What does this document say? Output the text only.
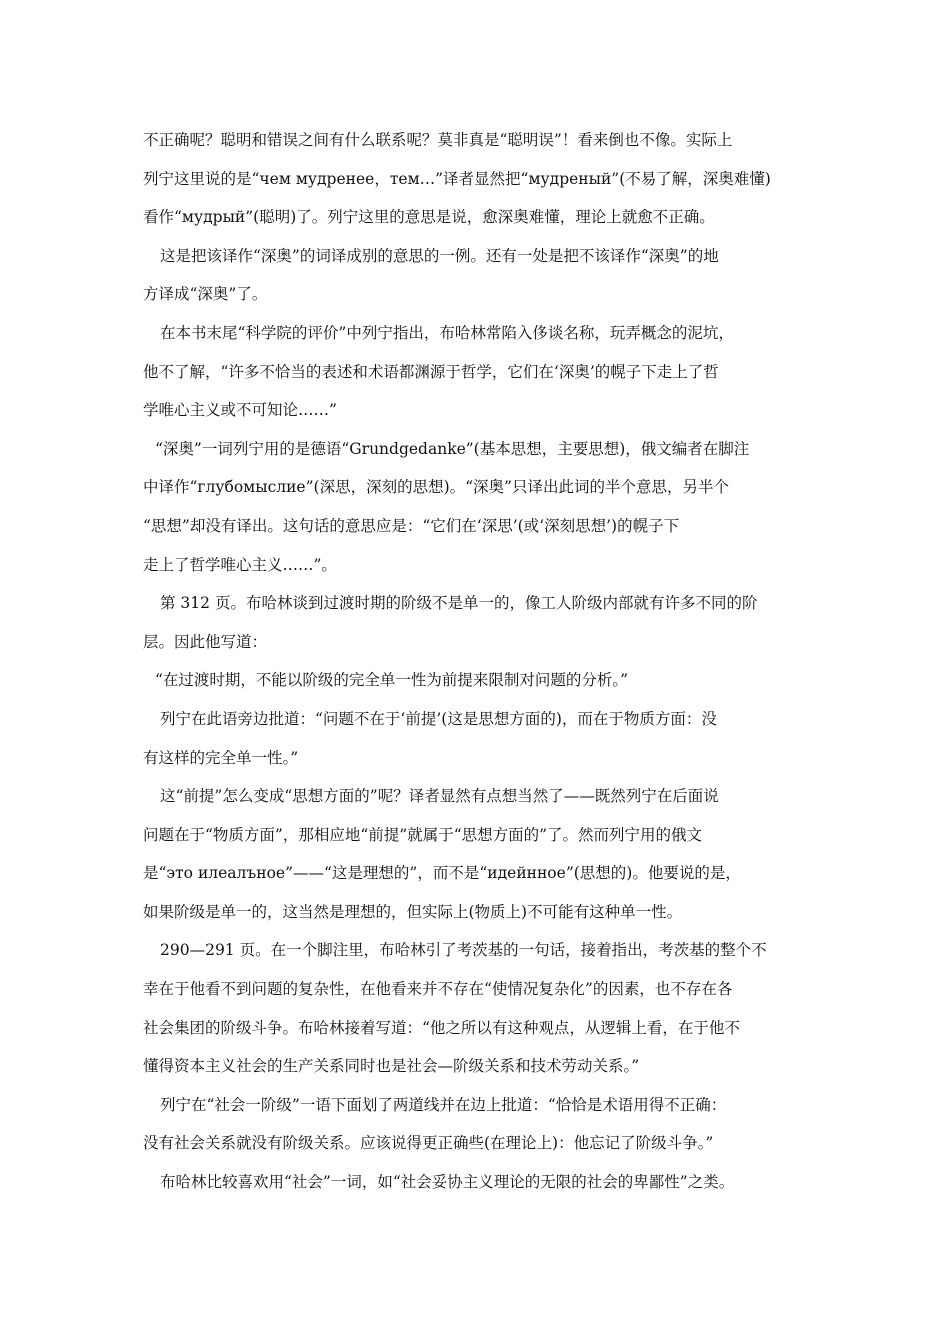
不正确呢？聪明和错误之间有什么联系呢？莫非真是“聪明误”！看来倒也不像。实际上
列宁这里说的是“чем мудренее，тем…”译者显然把“мудреный”(不易了解，深奥难懂)
看作“мудрый”(聪明)了。列宁这里的意思是说，愈深奥难懂，理论上就愈不正确。
这是把该译作“深奥”的词译成别的意思的一例。还有一处是把不该译作“深奥”的地
方译成“深奥”了。
在本书末尾“科学院的评价”中列宁指出，布哈林常陷入侈谈名称，玩弄概念的泥坑，
他不了解，“许多不恰当的表述和术语都渊源于哲学，它们在‘深奥’的幌子下走上了哲
学唯心主义或不可知论……”
“深奥”一词列宁用的是德语“Grundgedanke”(基本思想，主要思想)，俄文编者在脚注
中译作“глубомыслие”(深思，深刻的思想)。“深奥”只译出此词的半个意思，另半个
“思想”却没有译出。这句话的意思应是：“它们在‘深思’(或‘深刻思想’)的幌子下
走上了哲学唯心主义……”。
第 312 页。布哈林谈到过渡时期的阶级不是单一的，像工人阶级内部就有许多不同的阶
层。因此他写道：
“在过渡时期，不能以阶级的完全单一性为前提来限制对问题的分析。”
列宁在此语旁边批道：“问题不在于‘前提’(这是思想方面的)，而在于物质方面：没
有这样的完全单一性。”
这“前提”怎么变成“思想方面的”呢？译者显然有点想当然了——既然列宁在后面说
问题在于“物质方面”，那相应地“前提”就属于“思想方面的”了。然而列宁用的俄文
是“это илеалъное”——“这是理想的”，而不是“идейнное”(思想的)。他要说的是，
如果阶级是单一的，这当然是理想的，但实际上(物质上)不可能有这种单一性。
290—291 页。在一个脚注里，布哈林引了考茨基的一句话，接着指出，考茨基的整个不
幸在于他看不到问题的复杂性，在他看来并不存在“使情况复杂化”的因素，也不存在各
社会集团的阶级斗争。布哈林接着写道：“他之所以有这种观点，从逻辑上看，在于他不
懂得资本主义社会的生产关系同时也是社会—阶级关系和技术劳动关系。”
列宁在“社会一阶级”一语下面划了两道线并在边上批道：“恰恰是术语用得不正确：
没有社会关系就没有阶级关系。应该说得更正确些(在理论上)：他忘记了阶级斗争。”
布哈林比较喜欢用“社会”一词，如“社会妥协主义理论的无限的社会的卑鄙性”之类。
